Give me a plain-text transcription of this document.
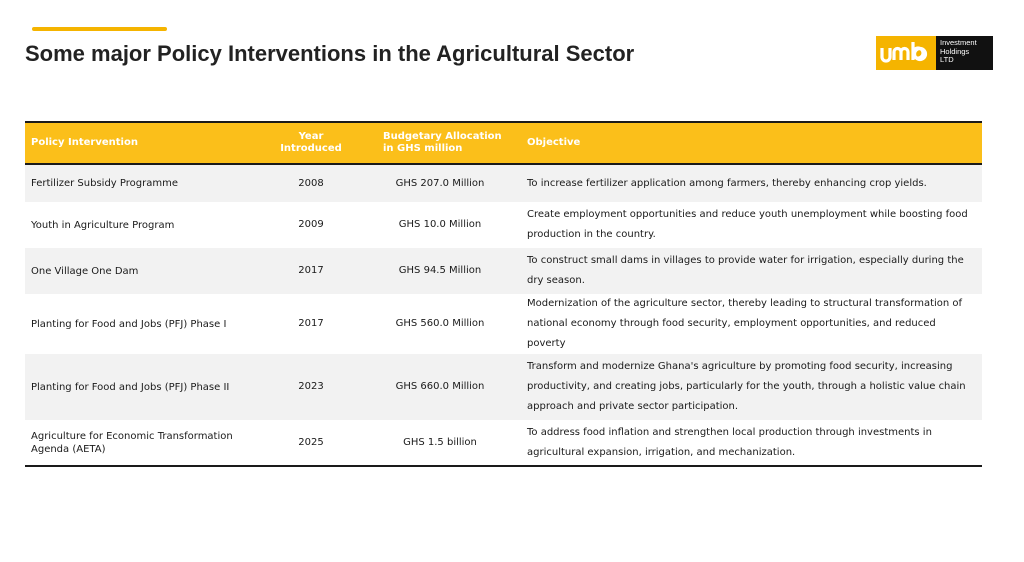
Some major Policy Interventions in the Agricultural Sector	Investment
Holdings
LTD
Policy Intervention	Year Introduced	Budgetary Allocation in GHS million	Objective
Fertilizer Subsidy Programme	2008	GHS 207.0 Million	To increase fertilizer application among farmers, thereby enhancing crop yields.
Youth in Agriculture Program	2009	GHS 10.0 Million	Create employment opportunities and reduce youth unemployment while boosting food production in the country.
One Village One Dam	2017	GHS 94.5 Million	To construct small dams in villages to provide water for irrigation, especially during the dry season.
Planting for Food and Jobs (PFJ) Phase I	2017	GHS 560.0 Million	Modernization of the agriculture sector, thereby leading to structural transformation of national economy through food security, employment opportunities, and reduced poverty
Planting for Food and Jobs (PFJ) Phase II	2023	GHS 660.0 Million	Transform and modernize Ghana's agriculture by promoting food security, increasing productivity, and creating jobs, particularly for the youth, through a holistic value chain approach and private sector participation.
Agriculture for Economic Transformation Agenda (AETA)	2025	GHS 1.5 billion	To address food inflation and strengthen local production through investments in agricultural expansion, irrigation, and mechanization.
